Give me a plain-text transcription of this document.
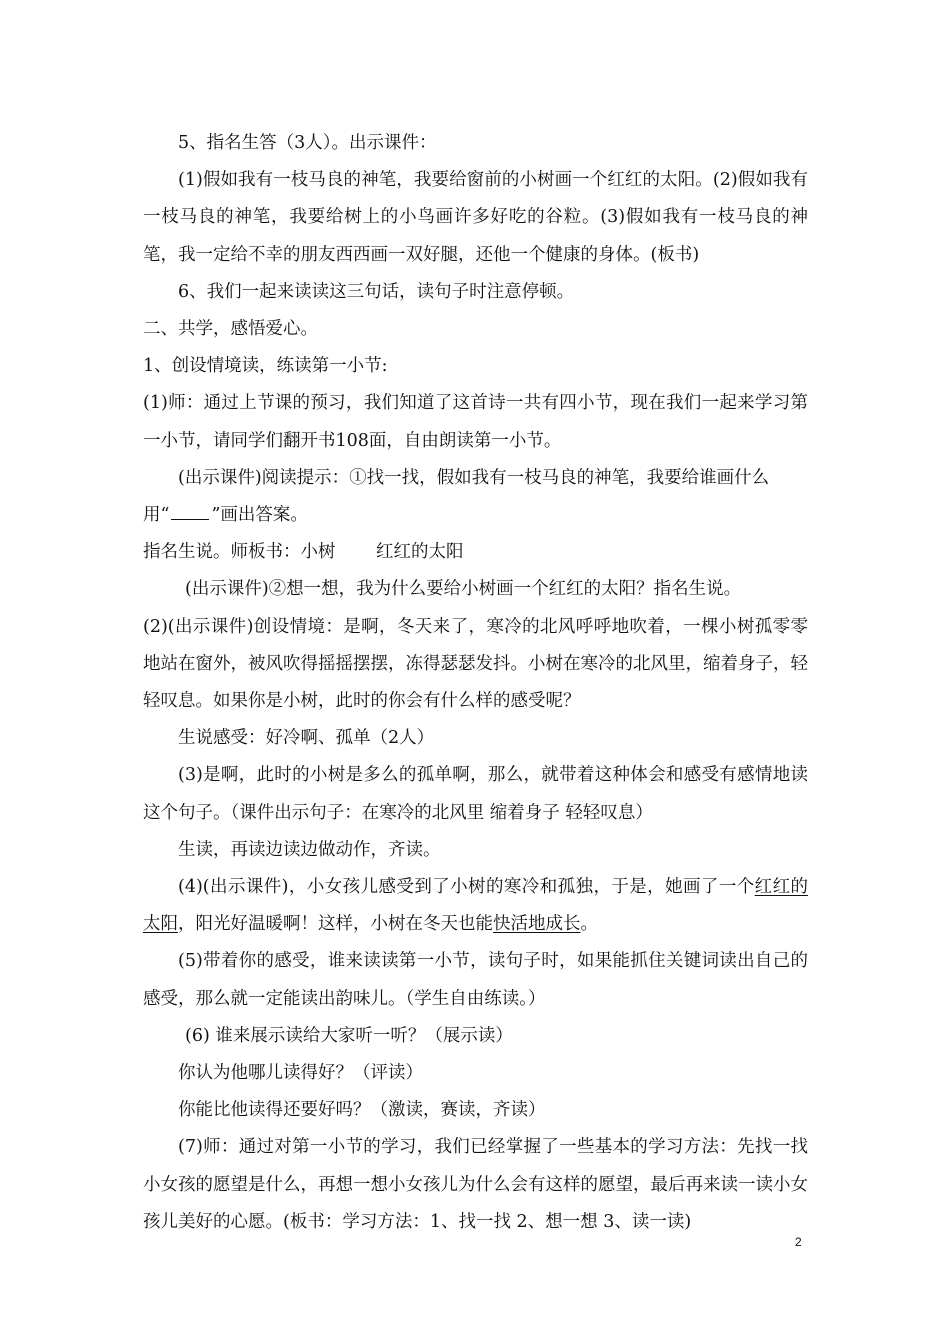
5、指名生答（3人）。出示课件：

(1)假如我有一枝马良的神笔，我要给窗前的小树画一个红红的太阳。(2)假如我有一枝马良的神笔，我要给树上的小鸟画许多好吃的谷粒。(3)假如我有一枝马良的神笔，我一定给不幸的朋友西西画一双好腿，还他一个健康的身体。(板书)

6、我们一起来读读这三句话，读句子时注意停顿。

二、共学，感悟爱心。

1、创设情境读，练读第一小节:

(1)师：通过上节课的预习，我们知道了这首诗一共有四小节，现在我们一起来学习第一小节，请同学们翻开书108面，自由朗读第一小节。

(出示课件)阅读提示：①找一找，假如我有一枝马良的神笔，我要给谁画什么

用“ ”画出答案。

指名生说。师板书：小树　　 红红的太阳

(出示课件)②想一想，我为什么要给小树画一个红红的太阳？指名生说。

(2)(出示课件)创设情境：是啊，冬天来了，寒冷的北风呼呼地吹着，一棵小树孤零零地站在窗外，被风吹得摇摇摆摆，冻得瑟瑟发抖。小树在寒冷的北风里，缩着身子，轻轻叹息。如果你是小树，此时的你会有什么样的感受呢？

生说感受：好冷啊、孤单（2人）

(3)是啊，此时的小树是多么的孤单啊，那么，就带着这种体会和感受有感情地读这个句子。（课件出示句子：在寒冷的北风里 缩着身子 轻轻叹息）

生读，再读边读边做动作，齐读。

(4)(出示课件)，小女孩儿感受到了小树的寒冷和孤独，于是，她画了一个红红的太阳，阳光好温暖啊！这样，小树在冬天也能快活地成长。

(5)带着你的感受，谁来读读第一小节，读句子时，如果能抓住关键词读出自己的感受，那么就一定能读出韵味儿。（学生自由练读。）

(6) 谁来展示读给大家听一听？（展示读）

你认为他哪儿读得好？（评读）

你能比他读得还要好吗？（激读，赛读，齐读）

(7)师：通过对第一小节的学习，我们已经掌握了一些基本的学习方法：先找一找小女孩的愿望是什么，再想一想小女孩儿为什么会有这样的愿望，最后再来读一读小女孩儿美好的心愿。(板书：学习方法：1、找一找 2、想一想 3、读一读)

2
